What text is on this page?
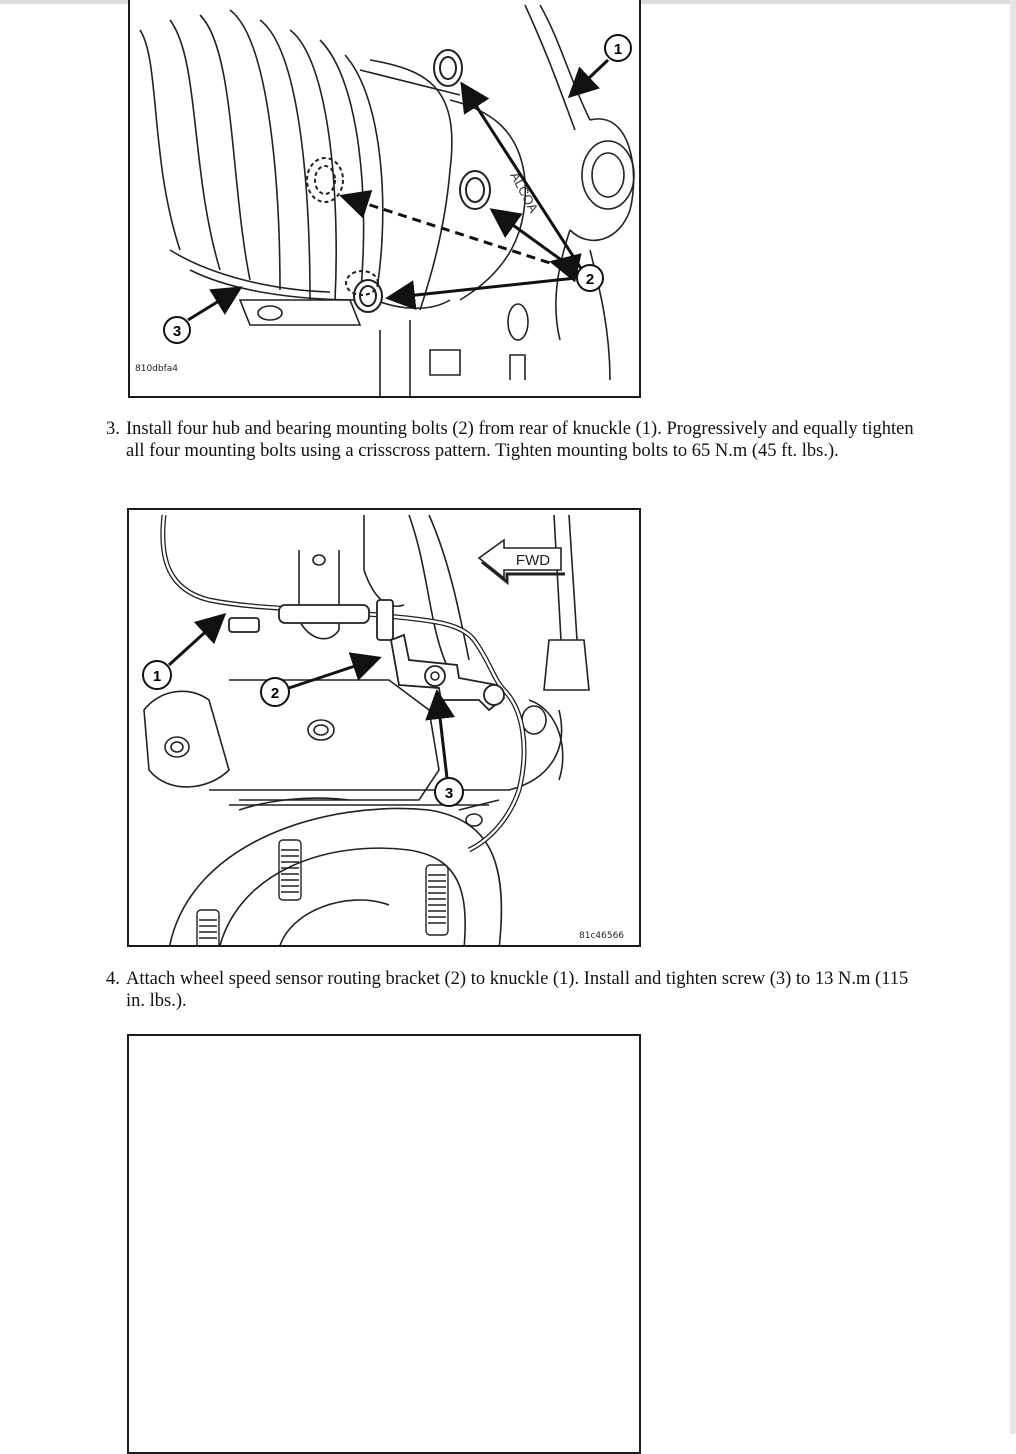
ALCOA
1
2
3
810dbfa4
3. Install four hub and bearing mounting bolts (2) from rear of knuckle (1). Progressively and equally tighten all four mounting bolts using a crisscross pattern. Tighten mounting bolts to 65 N.m (45 ft. lbs.).
FWD
1
2
3
81c46566
4. Attach wheel speed sensor routing bracket (2) to knuckle (1). Install and tighten screw (3) to 13 N.m (115 in. lbs.).
